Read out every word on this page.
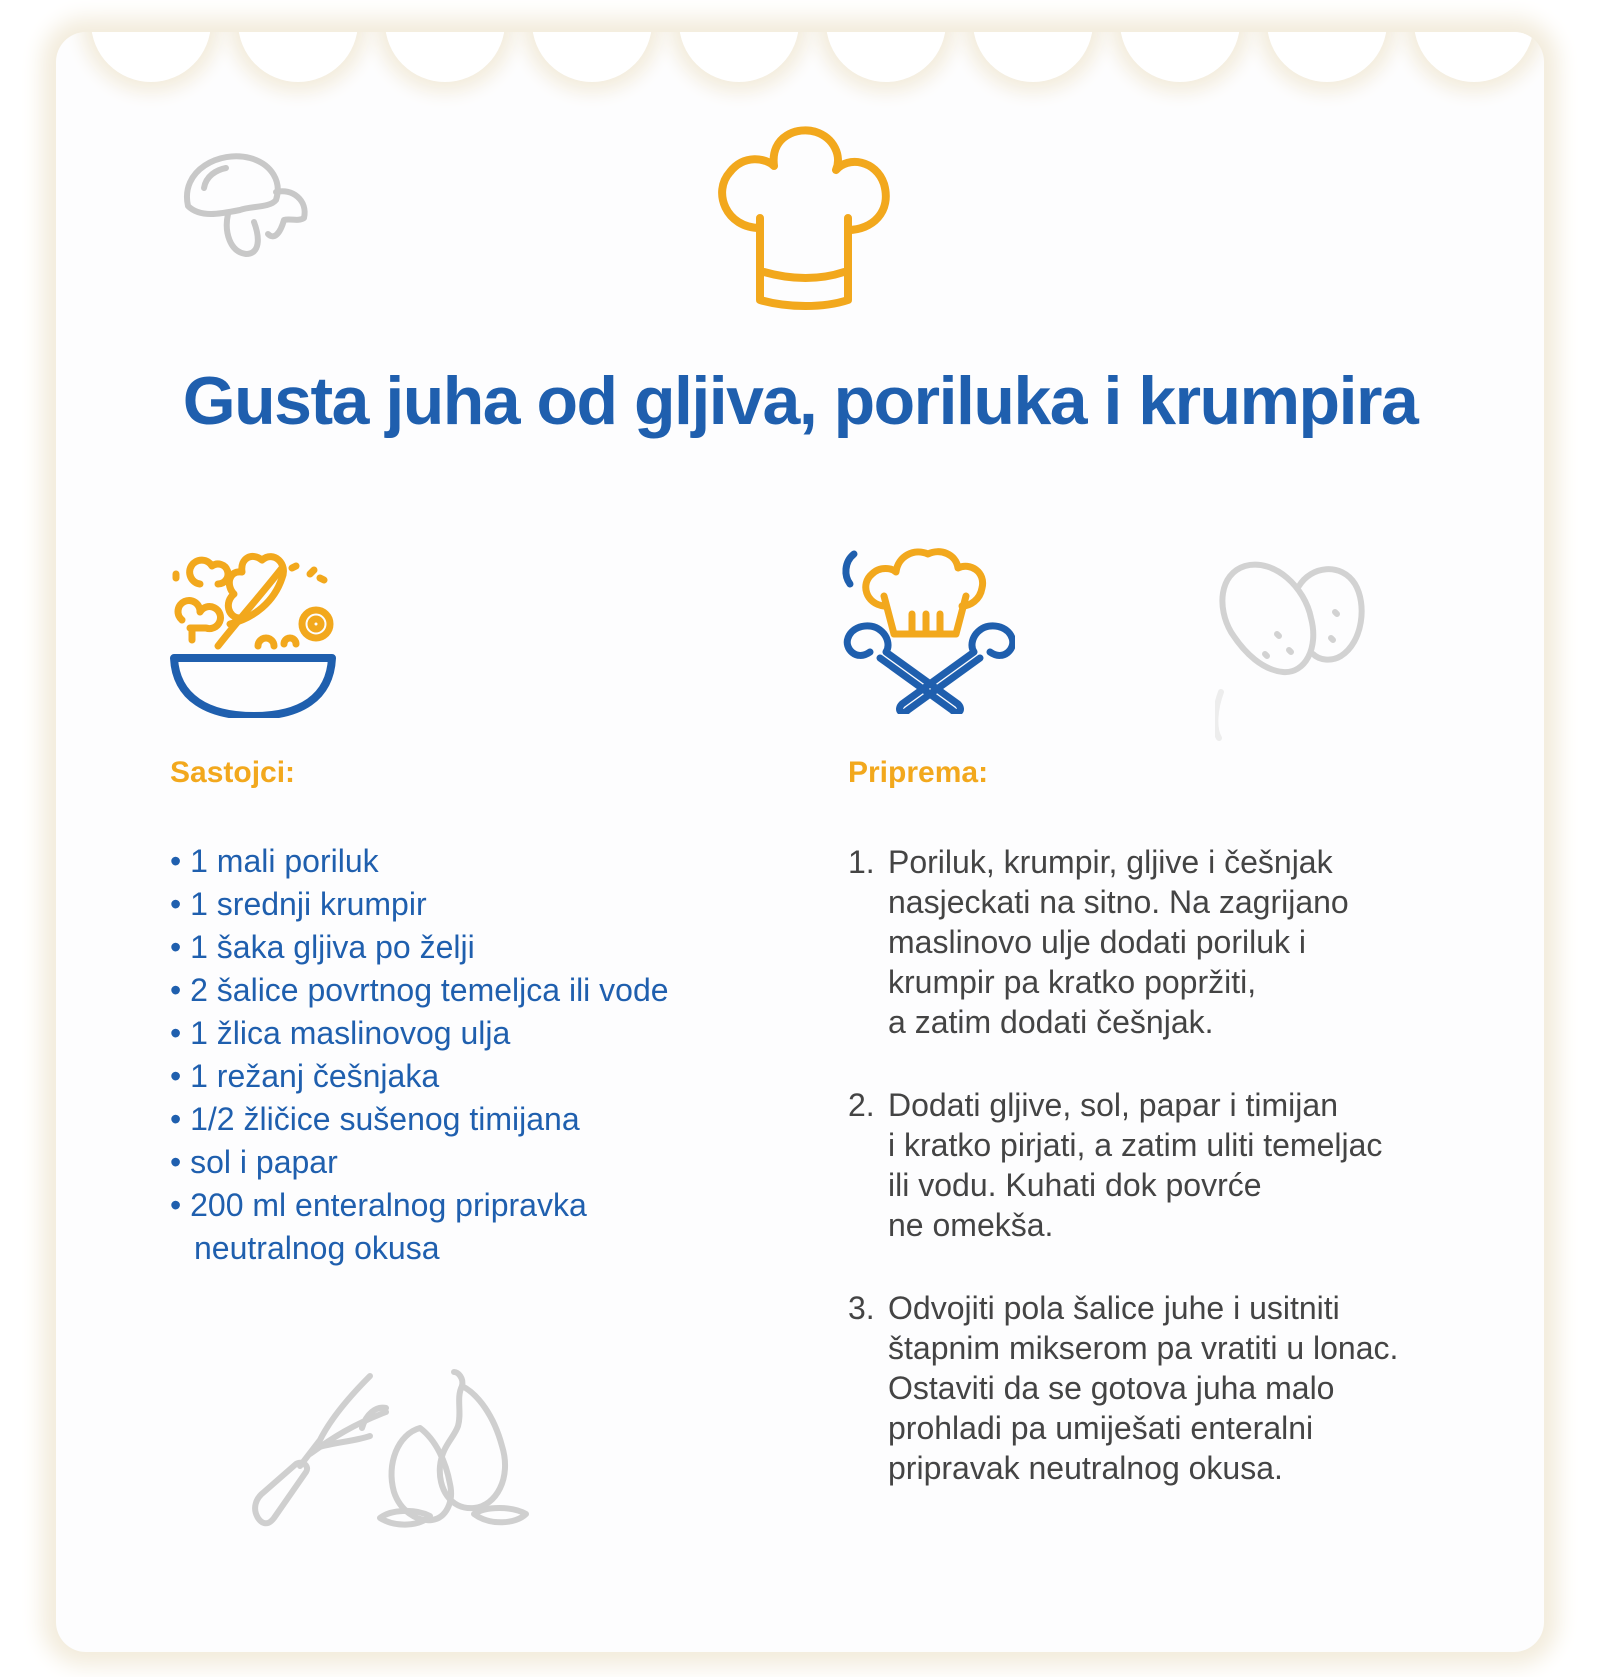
Gusta juha od gljiva, poriluka i krumpira
Sastojci:
• 1 mali poriluk
• 1 srednji krumpir
• 1 šaka gljiva po želji
• 2 šalice povrtnog temeljca ili vode
• 1 žlica maslinovog ulja
• 1 režanj češnjaka
• 1/2 žličice sušenog timijana
• sol i papar
• 200 ml enteralnog pripravka neutralnog okusa
Priprema:
1. Poriluk, krumpir, gljive i češnjak
nasjeckati na sitno. Na zagrijano
maslinovo ulje dodati poriluk i
krumpir pa kratko popržiti,
a zatim dodati češnjak.
2. Dodati gljive, sol, papar i timijan
i kratko pirjati, a zatim uliti temeljac
ili vodu. Kuhati dok povrće
ne omekša.
3. Odvojiti pola šalice juhe i usitniti
štapnim mikserom pa vratiti u lonac.
Ostaviti da se gotova juha malo
prohladi pa umiješati enteralni
pripravak neutralnog okusa.
